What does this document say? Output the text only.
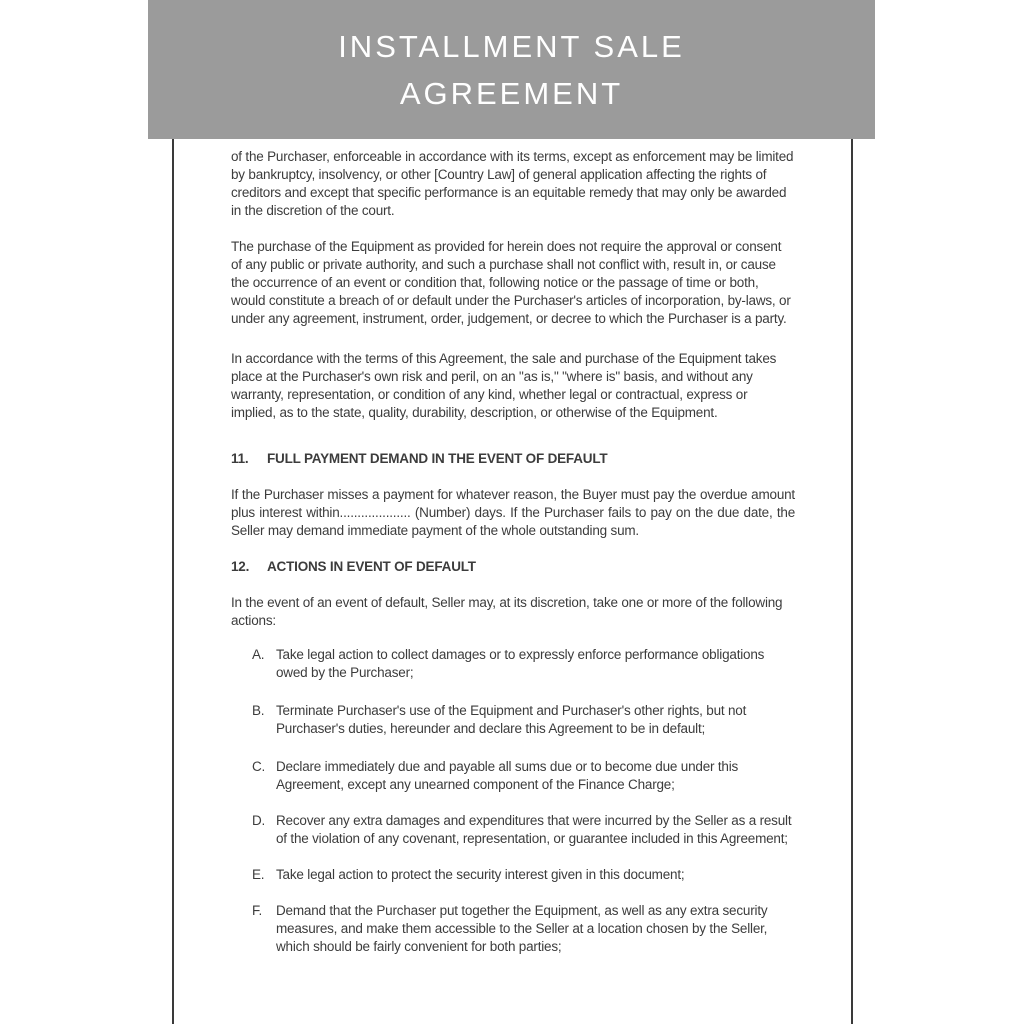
INSTALLMENT SALE
AGREEMENT

of the Purchaser, enforceable in accordance with its terms, except as enforcement may be limited by bankruptcy, insolvency, or other [Country Law] of general application affecting the rights of creditors and except that specific performance is an equitable remedy that may only be awarded in the discretion of the court.

The purchase of the Equipment as provided for herein does not require the approval or consent of any public or private authority, and such a purchase shall not conflict with, result in, or cause the occurrence of an event or condition that, following notice or the passage of time or both, would constitute a breach of or default under the Purchaser's articles of incorporation, by-laws, or under any agreement, instrument, order, judgement, or decree to which the Purchaser is a party.

In accordance with the terms of this Agreement, the sale and purchase of the Equipment takes place at the Purchaser's own risk and peril, on an "as is," "where is" basis, and without any warranty, representation, or condition of any kind, whether legal or contractual, express or implied, as to the state, quality, durability, description, or otherwise of the Equipment.

11.	FULL PAYMENT DEMAND IN THE EVENT OF DEFAULT

If the Purchaser misses a payment for whatever reason, the Buyer must pay the overdue amount plus interest within.................... (Number) days. If the Purchaser fails to pay on the due date, the Seller may demand immediate payment of the whole outstanding sum.

12.	ACTIONS IN EVENT OF DEFAULT

In the event of an event of default, Seller may, at its discretion, take one or more of the following actions:

A. Take legal action to collect damages or to expressly enforce performance obligations owed by the Purchaser;
B. Terminate Purchaser's use of the Equipment and Purchaser's other rights, but not Purchaser's duties, hereunder and declare this Agreement to be in default;
C. Declare immediately due and payable all sums due or to become due under this Agreement, except any unearned component of the Finance Charge;
D. Recover any extra damages and expenditures that were incurred by the Seller as a result of the violation of any covenant, representation, or guarantee included in this Agreement;
E. Take legal action to protect the security interest given in this document;
F.	Demand that the Purchaser put together the Equipment, as well as any extra security measures, and make them accessible to the Seller at a location chosen by the Seller, which should be fairly convenient for both parties;
